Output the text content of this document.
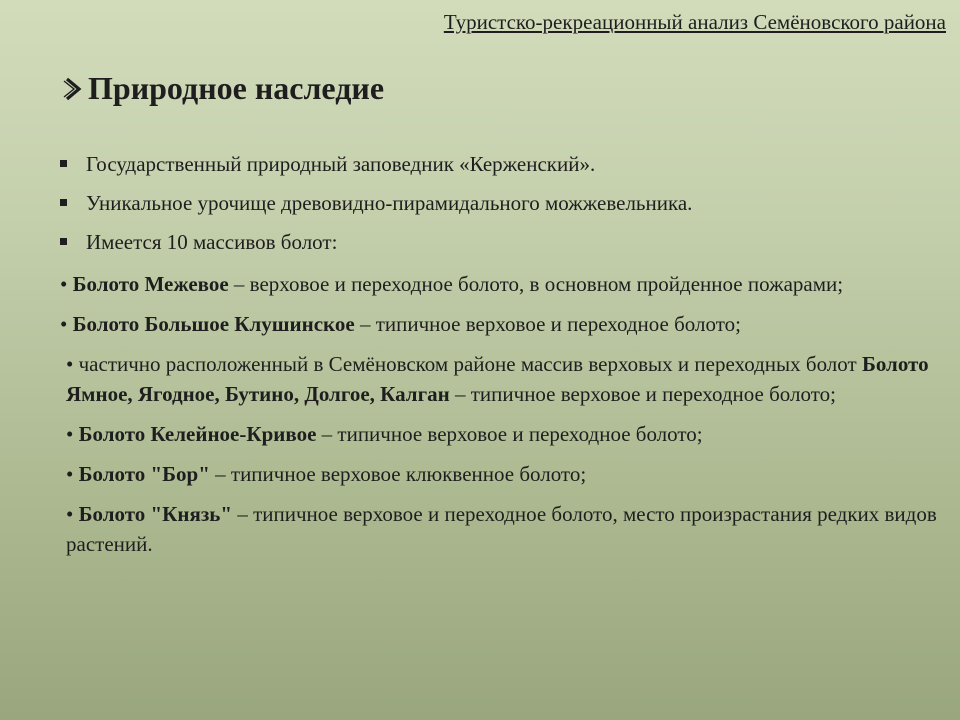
Туристско-рекреационный анализ Семёновского района
Природное наследие
Государственный природный заповедник «Керженский».
Уникальное урочище древовидно-пирамидального можжевельника.
Имеется 10 массивов болот:
• Болото Межевое – верховое и переходное болото, в основном пройденное пожарами;
• Болото Большое Клушинское – типичное верховое и переходное болото;
• частично расположенный в Семёновском районе массив верховых и переходных болот Болото Ямное, Ягодное, Бутино, Долгое, Калган – типичное верховое и переходное болото;
• Болото Келейное-Кривое – типичное верховое и переходное болото;
• Болото "Бор" – типичное верховое клюквенное болото;
• Болото "Князь" – типичное верховое и переходное болото, место произрастания редких видов растений.
